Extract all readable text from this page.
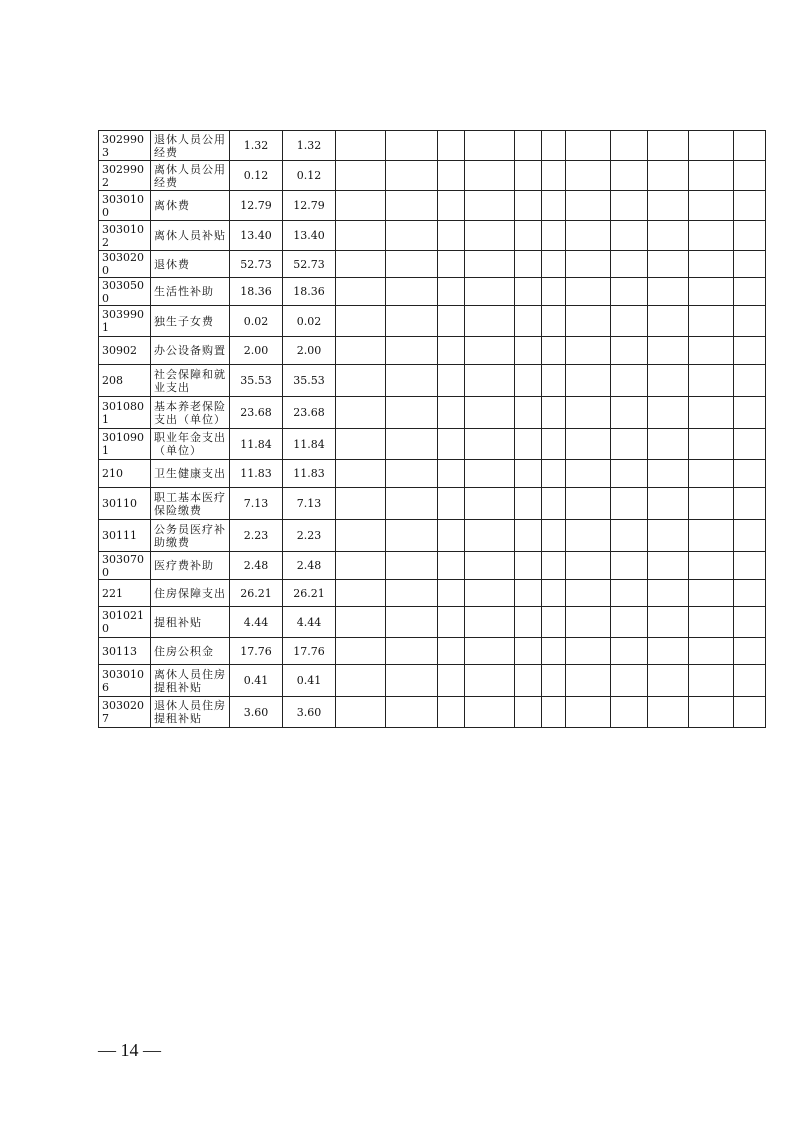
3029903	退休人员公用经费	1.32	1.32											
3029902	离休人员公用经费	0.12	0.12											
3030100	离休费	12.79	12.79											
3030102	离休人员补贴	13.40	13.40											
3030200	退休费	52.73	52.73											
3030500	生活性补助	18.36	18.36											
3039901	独生子女费	0.02	0.02											
30902	办公设备购置	2.00	2.00											
208	社会保障和就业支出	35.53	35.53											
3010801	基本养老保险支出（单位）	23.68	23.68											
3010901	职业年金支出（单位）	11.84	11.84											
210	卫生健康支出	11.83	11.83											
30110	职工基本医疗保险缴费	7.13	7.13											
30111	公务员医疗补助缴费	2.23	2.23											
3030700	医疗费补助	2.48	2.48											
221	住房保障支出	26.21	26.21											
3010210	提租补贴	4.44	4.44											
30113	住房公积金	17.76	17.76											
3030106	离休人员住房提租补贴	0.41	0.41											
3030207	退休人员住房提租补贴	3.60	3.60											
— 14 —
